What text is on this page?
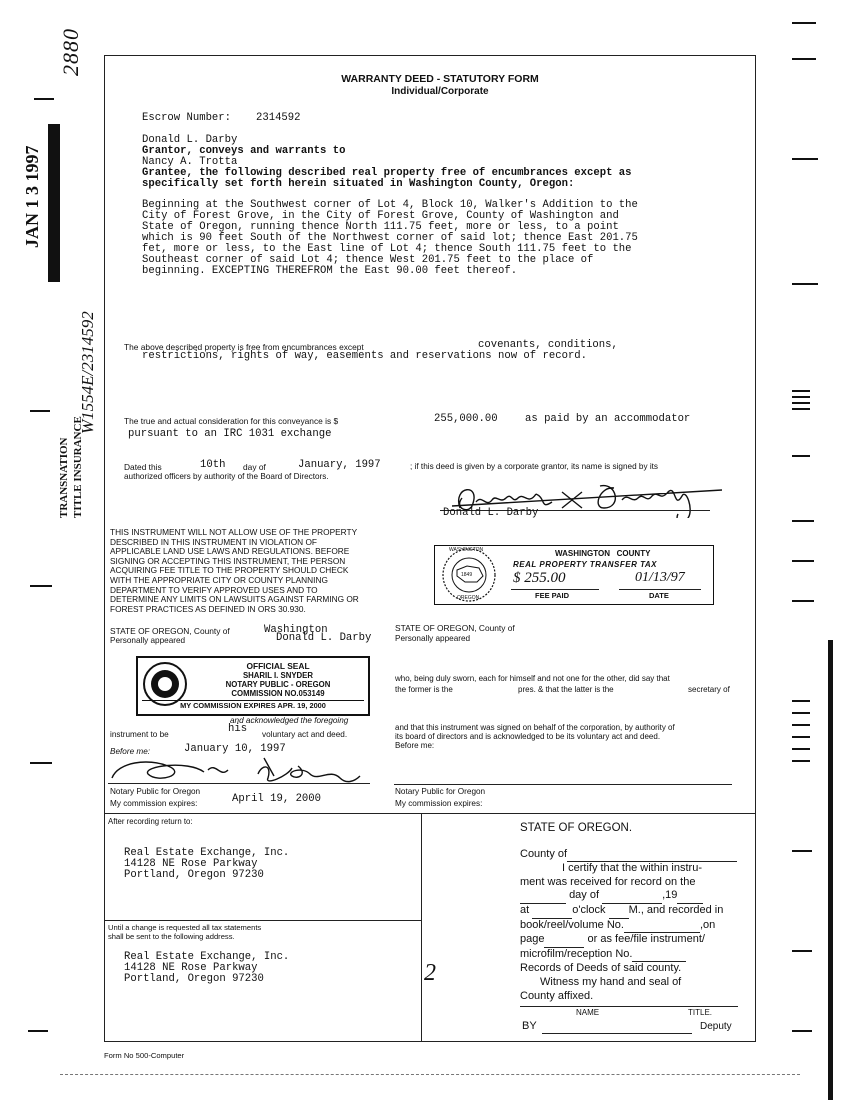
2880
JAN 1 3 1997
W1554E/2314592
TRANSNATION TITLE INSURANCE
WARRANTY DEED - STATUTORY FORM
Individual/Corporate
Escrow Number: 2314592
Donald L. Darby
Grantor, conveys and warrants to
Nancy A. Trotta
Grantee, the following described real property free of encumbrances except as
specifically set forth herein situated in Washington County, Oregon:
Beginning at the Southwest corner of Lot 4, Block 10, Walker's Addition to the
City of Forest Grove, in the City of Forest Grove, County of Washington and
State of Oregon, running thence North 111.75 feet, more or less, to a point
which is 90 feet South of the Northwest corner of said lot; thence East 201.75
fet, more or less, to the East line of Lot 4; thence South 111.75 feet to the
Southeast corner of said Lot 4; thence West 201.75 feet to the place of
beginning. EXCEPTING THEREFROM the East 90.00 feet thereof.
The above described property is free from encumbrances except	covenants, conditions,
restrictions, rights of way, easements and reservations now of record.
The true and actual consideration for this conveyance is $	255,000.00	as paid by an accommodator
pursuant to an IRC 1031 exchange
Dated this	10th day of	January, 1997	; if this deed is given by a corporate grantor, its name is signed by its
authorized officers by authority of the Board of Directors.
Donald L. Darby
THIS INSTRUMENT WILL NOT ALLOW USE OF THE PROPERTY
DESCRIBED IN THIS INSTRUMENT IN VIOLATION OF
APPLICABLE LAND USE LAWS AND REGULATIONS. BEFORE
SIGNING OR ACCEPTING THIS INSTRUMENT, THE PERSON
ACQUIRING FEE TITLE TO THE PROPERTY SHOULD CHECK
WITH THE APPROPRIATE CITY OR COUNTY PLANNING
DEPARTMENT TO VERIFY APPROVED USES AND TO
DETERMINE ANY LIMITS ON LAWSUITS AGAINST FARMING OR
FOREST PRACTICES AS DEFINED IN ORS 30.930.
WASHINGTON
1849
OREGON
WASHINGTON   COUNTY
REAL PROPERTY TRANSFER TAX
$ 255.00	01/13/97
FEE PAID	DATE
STATE OF OREGON, County of	Washington
Personally appeared	Donald L. Darby
OFFICIAL SEAL
SHARIL I. SNYDER
NOTARY PUBLIC - OREGON
COMMISSION NO.053149
MY COMMISSION EXPIRES APR. 19, 2000
and acknowledged the foregoing
instrument to be	his voluntary act and deed.
Before me:	January 10, 1997
Notary Public for Oregon
My commission expires:	April 19, 2000
STATE OF OREGON, County of
Personally appeared
who, being duly sworn, each for himself and not one for the other, did say that
the former is the	pres. & that the latter is the	secretary of
and that this instrument was signed on behalf of the corporation, by authority of
its board of directors and is acknowledged to be its voluntary act and deed.
Before me:
Notary Public for Oregon
My commission expires:
After recording return to:
Real Estate Exchange, Inc.
14128 NE Rose Parkway
Portland, Oregon 97230
Until a change is requested all tax statements
shall be sent to the following address.
Real Estate Exchange, Inc.
14128 NE Rose Parkway
Portland, Oregon 97230	2
STATE OF OREGON.
County of
I certify that the within instru-
ment was received for record on the
day of	,19
at	o'clock M., and recorded in
book/reel/volume No.	,on
page	or as fee/file instrument/
microfilm/reception No.
Records of Deeds of said county.
Witness my hand and seal of
County affixed.
NAME	TITLE.
BY	Deputy
Form No 500-Computer
